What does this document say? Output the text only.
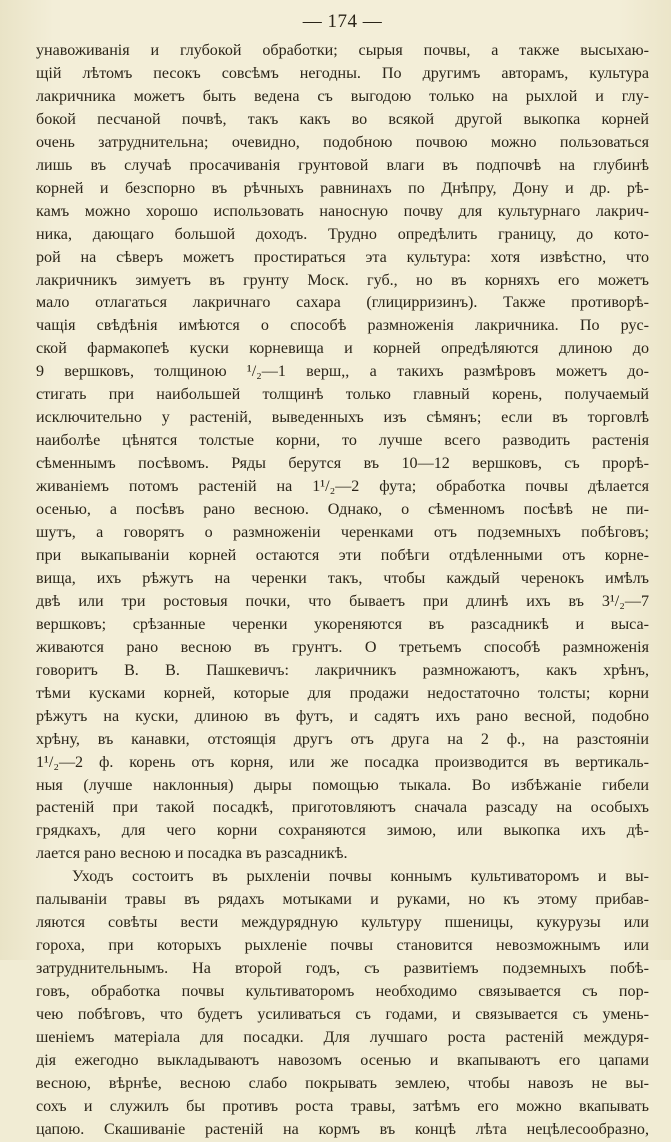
— 174 —
унавоживанія и глубокой обработки; сырыя почвы, а также высыхаю-
щій лѣтомъ песокъ совсѣмъ негодны. По другимъ авторамъ, культура
лакричника можетъ быть ведена съ выгодою только на рыхлой и глу-
бокой песчаной почвѣ, такъ какъ во всякой другой выкопка корней
очень затруднительна; очевидно, подобною почвою можно пользоваться
лишь въ случаѣ просачиванія грунтовой влаги въ подпочвѣ на глубинѣ
корней и безспорно въ рѣчныхъ равнинахъ по Днѣпру, Дону и др. рѣ-
камъ можно хорошо использовать наносную почву для культурнаго лакрич-
ника, дающаго большой доходъ. Трудно опредѣлить границу, до кото-
рой на сѣверъ можетъ простираться эта культура: хотя извѣстно, что
лакричникъ зимуетъ въ грунту Моск. губ., но въ корняхъ его можетъ
мало отлагаться лакричнаго сахара (глицирризинъ). Также противорѣ-
чащія свѣдѣнія имѣются о способѣ размноженія лакричника. По рус-
ской фармакопеѣ куски корневища и корней опредѣляются длиною до
9 вершковъ, толщиною ¹/₂—1 верш,, а такихъ размѣровъ можетъ до-
стигать при наибольшей толщинѣ только главный корень, получаемый
исключительно у растеній, выведенныхъ изъ сѣмянъ; если въ торговлѣ
наиболѣе цѣнятся толстые корни, то лучше всего разводить растенія
сѣменнымъ посѣвомъ. Ряды берутся въ 10—12 вершковъ, съ прорѣ-
живаніемъ потомъ растеній на 1¹/₂—2 фута; обработка почвы дѣлается
осенью, а посѣвъ рано весною. Однако, о сѣменномъ посѣвѣ не пи-
шутъ, а говорятъ о размноженіи черенками отъ подземныхъ побѣговъ;
при выкапываніи корней остаются эти побѣги отдѣленными отъ корне-
вища, ихъ рѣжутъ на черенки такъ, чтобы каждый черенокъ имѣлъ
двѣ или три ростовыя почки, что бываетъ при длинѣ ихъ въ 3¹/₂—7
вершковъ; срѣзанные черенки укореняются въ разсадникѣ и выса-
живаются рано весною въ грунтъ. О третьемъ способѣ размноженія
говоритъ В. В. Пашкевичъ: лакричникъ размножаютъ, какъ хрѣнъ,
тѣми кусками корней, которые для продажи недостаточно толсты; корни
рѣжутъ на куски, длиною въ футъ, и садятъ ихъ рано весной, подобно
хрѣну, въ канавки, отстоящія другъ отъ друга на 2 ф., на разстояніи
1¹/₂—2 ф. корень отъ корня, или же посадка производится въ вертикаль-
ныя (лучше наклонныя) дыры помощью тыкала. Во избѣжаніе гибели
растеній при такой посадкѣ, приготовляютъ сначала разсаду на особыхъ
грядкахъ, для чего корни сохраняются зимою, или выкопка ихъ дѣ-
лается рано весною и посадка въ разсадникѣ.
Уходъ состоитъ въ рыхленіи почвы коннымъ культиваторомъ и вы-
палываніи травы въ рядахъ мотыками и руками, но къ этому прибав-
ляются совѣты вести междурядную культуру пшеницы, кукурузы или
гороха, при которыхъ рыхленіе почвы становится невозможнымъ или
затруднительнымъ. На второй годъ, съ развитіемъ подземныхъ побѣ-
говъ, обработка почвы культиваторомъ необходимо связывается съ пор-
чею побѣговъ, что будетъ усиливаться съ годами, и связывается съ умень-
шеніемъ матеріала для посадки. Для лучшаго роста растеній междуря-
дія ежегодно выкладываютъ навозомъ осенью и вкапываютъ его цапами
весною, вѣрнѣе, весною слабо покрывать землею, чтобы навозъ не вы-
сохъ и служилъ бы противъ роста травы, затѣмъ его можно вкапывать
цапою. Скашиваніе растеній на кормъ въ концѣ лѣта нецѣлесообразно,
